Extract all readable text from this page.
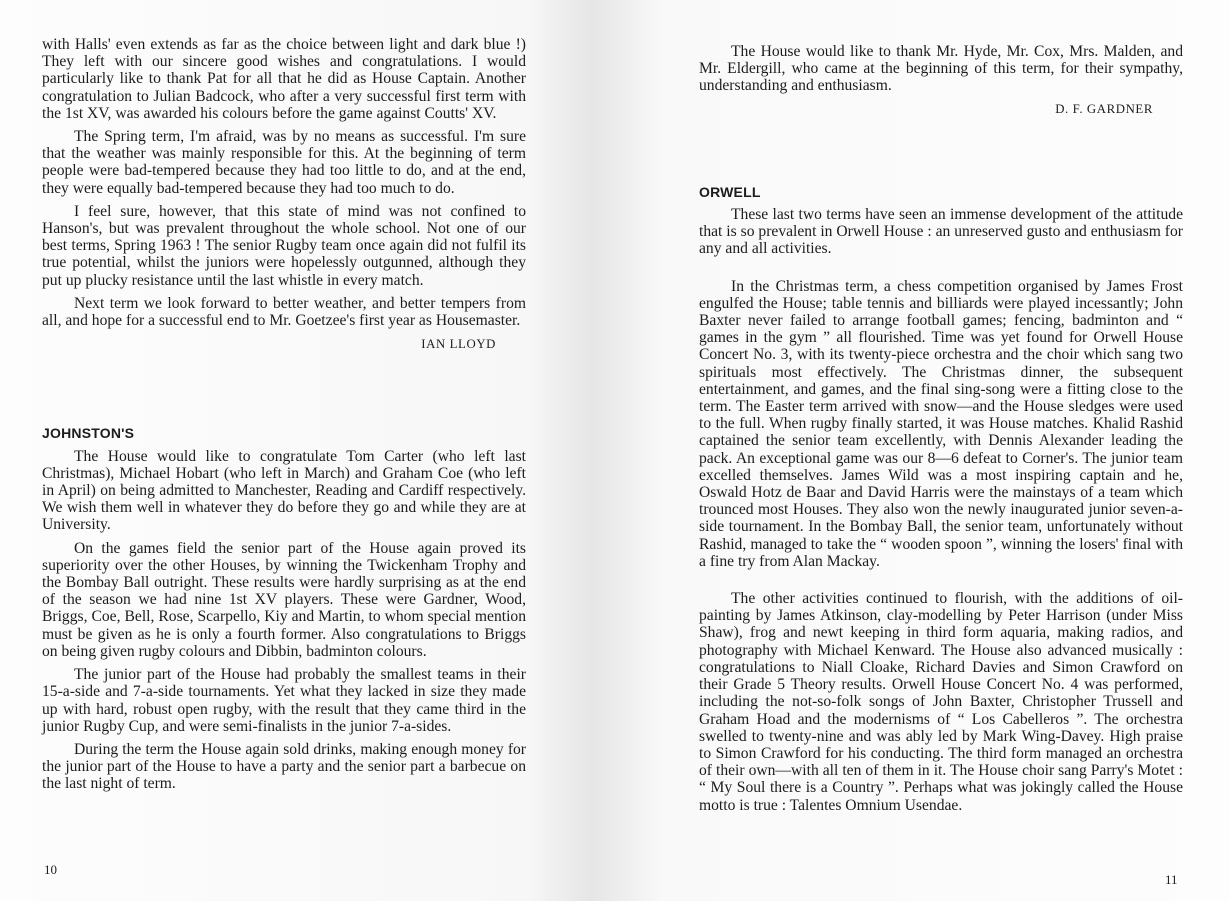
with Halls' even extends as far as the choice between light and dark blue !) They left with our sincere good wishes and congratulations. I would particularly like to thank Pat for all that he did as House Captain. Another congratulation to Julian Badcock, who after a very successful first term with the 1st XV, was awarded his colours before the game against Coutts' XV.

The Spring term, I'm afraid, was by no means as successful. I'm sure that the weather was mainly responsible for this. At the beginning of term people were bad-tempered because they had too little to do, and at the end, they were equally bad-tempered because they had too much to do.

I feel sure, however, that this state of mind was not confined to Hanson's, but was prevalent throughout the whole school. Not one of our best terms, Spring 1963 ! The senior Rugby team once again did not fulfil its true potential, whilst the juniors were hopelessly outgunned, although they put up plucky resistance until the last whistle in every match.

Next term we look forward to better weather, and better tempers from all, and hope for a successful end to Mr. Goetzee's first year as Housemaster.

IAN LLOYD
JOHNSTON'S

The House would like to congratulate Tom Carter (who left last Christmas), Michael Hobart (who left in March) and Graham Coe (who left in April) on being admitted to Manchester, Reading and Cardiff respectively. We wish them well in whatever they do before they go and while they are at University.

On the games field the senior part of the House again proved its superiority over the other Houses, by winning the Twickenham Trophy and the Bombay Ball outright. These results were hardly surprising as at the end of the season we had nine 1st XV players. These were Gardner, Wood, Briggs, Coe, Bell, Rose, Scarpello, Kiy and Martin, to whom special mention must be given as he is only a fourth former. Also congratulations to Briggs on being given rugby colours and Dibbin, badminton colours.

The junior part of the House had probably the smallest teams in their 15-a-side and 7-a-side tournaments. Yet what they lacked in size they made up with hard, robust open rugby, with the result that they came third in the junior Rugby Cup, and were semi-finalists in the junior 7-a-sides.

During the term the House again sold drinks, making enough money for the junior part of the House to have a party and the senior part a barbecue on the last night of term.

10

The House would like to thank Mr. Hyde, Mr. Cox, Mrs. Malden, and Mr. Eldergill, who came at the beginning of this term, for their sympathy, understanding and enthusiasm.

D. F. GARDNER
ORWELL

These last two terms have seen an immense development of the attitude that is so prevalent in Orwell House : an unreserved gusto and enthusiasm for any and all activities.

In the Christmas term, a chess competition organised by James Frost engulfed the House; table tennis and billiards were played incessantly; John Baxter never failed to arrange football games; fencing, badminton and “ games in the gym ” all flourished. Time was yet found for Orwell House Concert No. 3, with its twenty-piece orchestra and the choir which sang two spirituals most effectively. The Christmas dinner, the subsequent entertainment, and games, and the final sing-song were a fitting close to the term. The Easter term arrived with snow—and the House sledges were used to the full. When rugby finally started, it was House matches. Khalid Rashid captained the senior team excellently, with Dennis Alexander leading the pack. An exceptional game was our 8—6 defeat to Corner's. The junior team excelled themselves. James Wild was a most inspiring captain and he, Oswald Hotz de Baar and David Harris were the mainstays of a team which trounced most Houses. They also won the newly inaugurated junior seven-a-side tournament. In the Bombay Ball, the senior team, unfortunately without Rashid, managed to take the “ wooden spoon ”, winning the losers' final with a fine try from Alan Mackay.

The other activities continued to flourish, with the additions of oil-painting by James Atkinson, clay-modelling by Peter Harrison (under Miss Shaw), frog and newt keeping in third form aquaria, making radios, and photography with Michael Kenward. The House also advanced musically : congratulations to Niall Cloake, Richard Davies and Simon Crawford on their Grade 5 Theory results. Orwell House Concert No. 4 was performed, including the not-so-folk songs of John Baxter, Christopher Trussell and Graham Hoad and the modernisms of “ Los Cabelleros ”. The orchestra swelled to twenty-nine and was ably led by Mark Wing-Davey. High praise to Simon Crawford for his conducting. The third form managed an orchestra of their own—with all ten of them in it. The House choir sang Parry's Motet : “ My Soul there is a Country ”. Perhaps what was jokingly called the House motto is true : Talentes Omnium Usendae.

11
